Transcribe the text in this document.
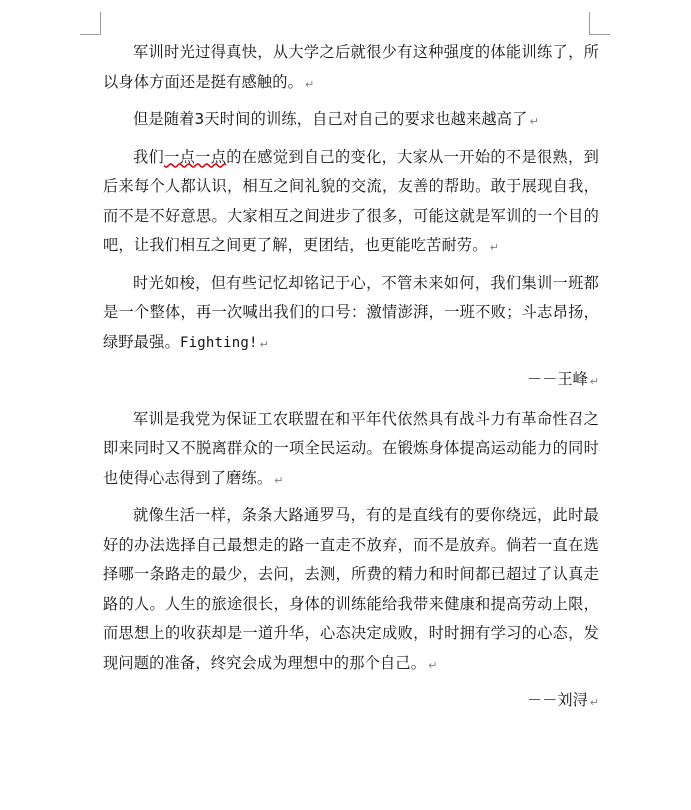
军训时光过得真快，从大学之后就很少有这种强度的体能训练了，所以身体方面还是挺有感触的。 ↵

但是随着3天时间的训练，自己对自己的要求也越来越高了 ↵

我们一点一点的在感觉到自己的变化，大家从一开始的不是很熟，到后来每个人都认识，相互之间礼貌的交流，友善的帮助。敢于展现自我，而不是不好意思。大家相互之间进步了很多，可能这就是军训的一个目的吧，让我们相互之间更了解，更团结，也更能吃苦耐劳。 ↵

时光如梭，但有些记忆却铭记于心，不管未来如何，我们集训一班都是一个整体，再一次喊出我们的口号：激情澎湃，一班不败；斗志昂扬，绿野最强。Fighting! ↵

－－王峰 ↵

军训是我党为保证工农联盟在和平年代依然具有战斗力有革命性召之即来同时又不脱离群众的一项全民运动。在锻炼身体提高运动能力的同时也使得心志得到了磨练。 ↵

就像生活一样，条条大路通罗马，有的是直线有的要你绕远，此时最好的办法选择自己最想走的路一直走不放弃，而不是放弃。倘若一直在选择哪一条路走的最少，去问，去测，所费的精力和时间都已超过了认真走路的人。人生的旅途很长，身体的训练能给我带来健康和提高劳动上限，而思想上的收获却是一道升华，心态决定成败，时时拥有学习的心态，发现问题的准备，终究会成为理想中的那个自己。 ↵

－－刘浔 ↵
